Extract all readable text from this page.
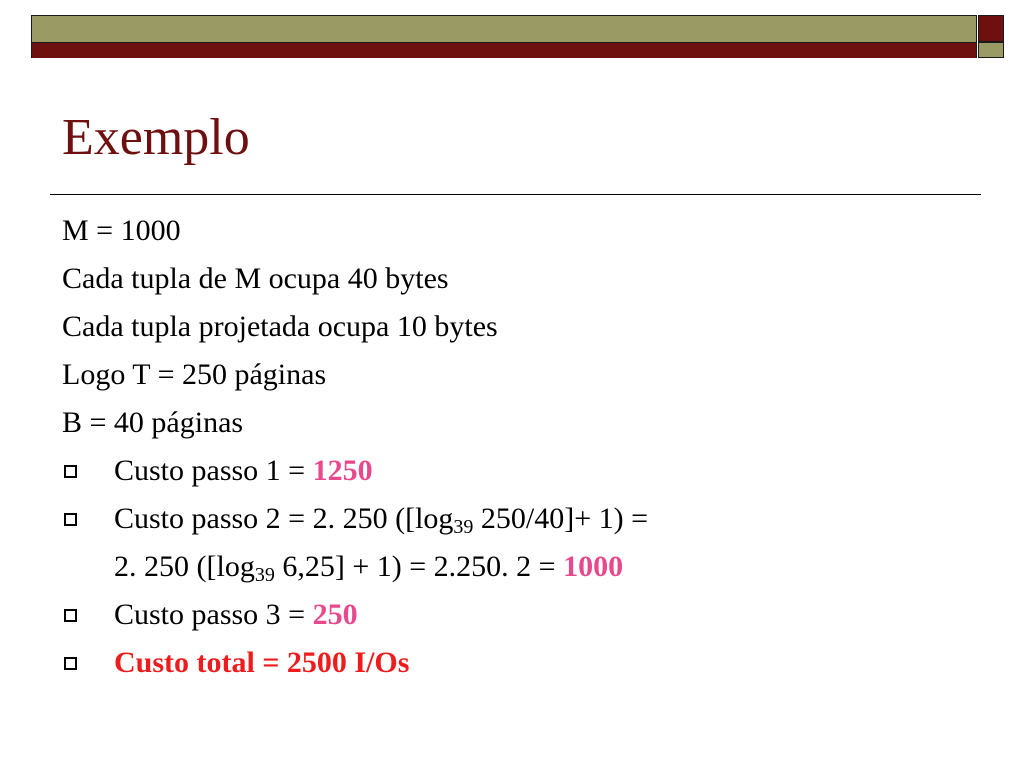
Exemplo
M = 1000
Cada tupla de M ocupa 40 bytes
Cada tupla projetada ocupa 10 bytes
Logo T = 250 páginas
B = 40 páginas
Custo passo 1 = 1250
Custo passo 2 = 2. 250 ([$\log_{39}$ 250/40]+ 1) =
2. 250 ([$\log_{39}$ 6,25] + 1) = 2.250. 2 = 1000
Custo passo 3 = 250
Custo total = 2500 I/Os
